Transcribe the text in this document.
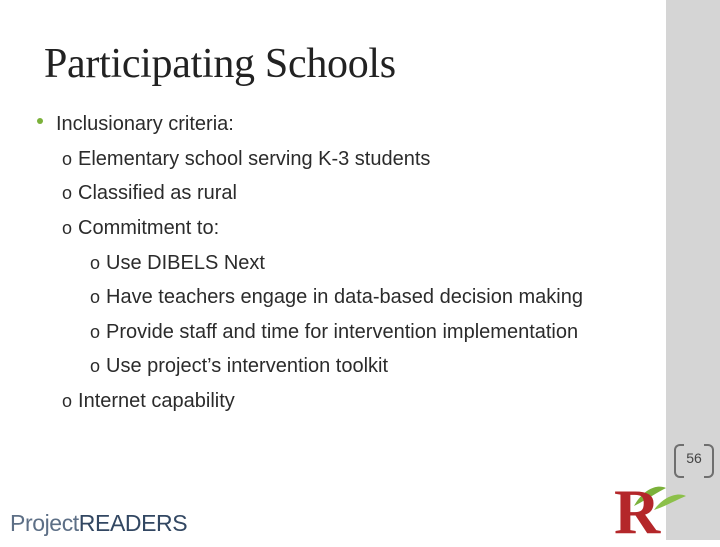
Participating Schools
Inclusionary criteria:
o Elementary school serving K-3 students
o Classified as rural
o Commitment to:
o Use DIBELS Next
o Have teachers engage in data-based decision making
o Provide staff and time for intervention implementation
o Use project’s intervention toolkit
o Internet capability
56
ProjectREADERS	R
